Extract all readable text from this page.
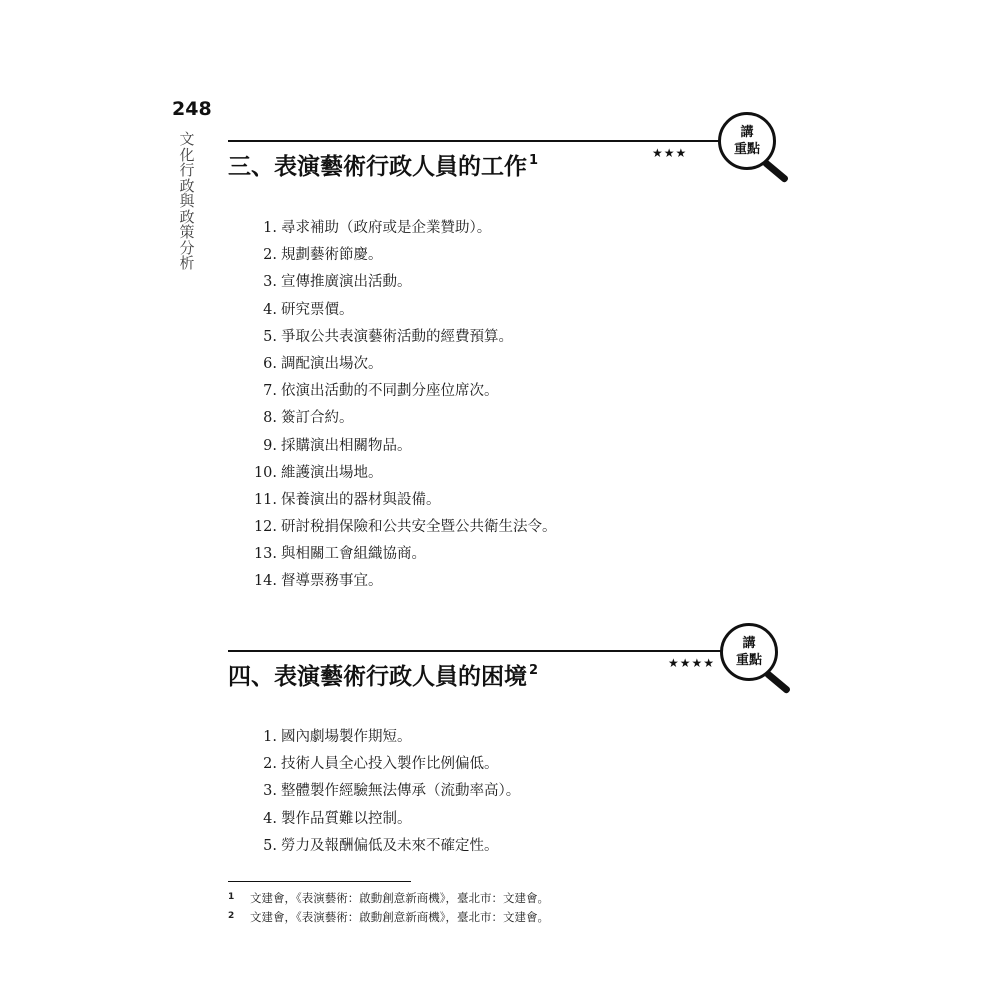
248
文化行政與政策分析
★★★
三、表演藝術行政人員的工作 $^1$
講
重點
1. 尋求補助（政府或是企業贊助）。
2. 規劃藝術節慶。
3. 宣傳推廣演出活動。
4. 研究票價。
5. 爭取公共表演藝術活動的經費預算。
6. 調配演出場次。
7. 依演出活動的不同劃分座位席次。
8. 簽訂合約。
9. 採購演出相關物品。
10. 維護演出場地。
11. 保養演出的器材與設備。
12. 研討稅捐保險和公共安全暨公共衛生法令。
13. 與相關工會組織協商。
14. 督導票務事宜。
★★★★
四、表演藝術行政人員的困境 $^2$
講
重點
1. 國內劇場製作期短。
2. 技術人員全心投入製作比例偏低。
3. 整體製作經驗無法傳承（流動率高）。
4. 製作品質難以控制。
5. 勞力及報酬偏低及未來不確定性。
1 文建會，《表演藝術：啟動創意新商機》，臺北市：文建會。
2 文建會，《表演藝術：啟動創意新商機》，臺北市：文建會。
